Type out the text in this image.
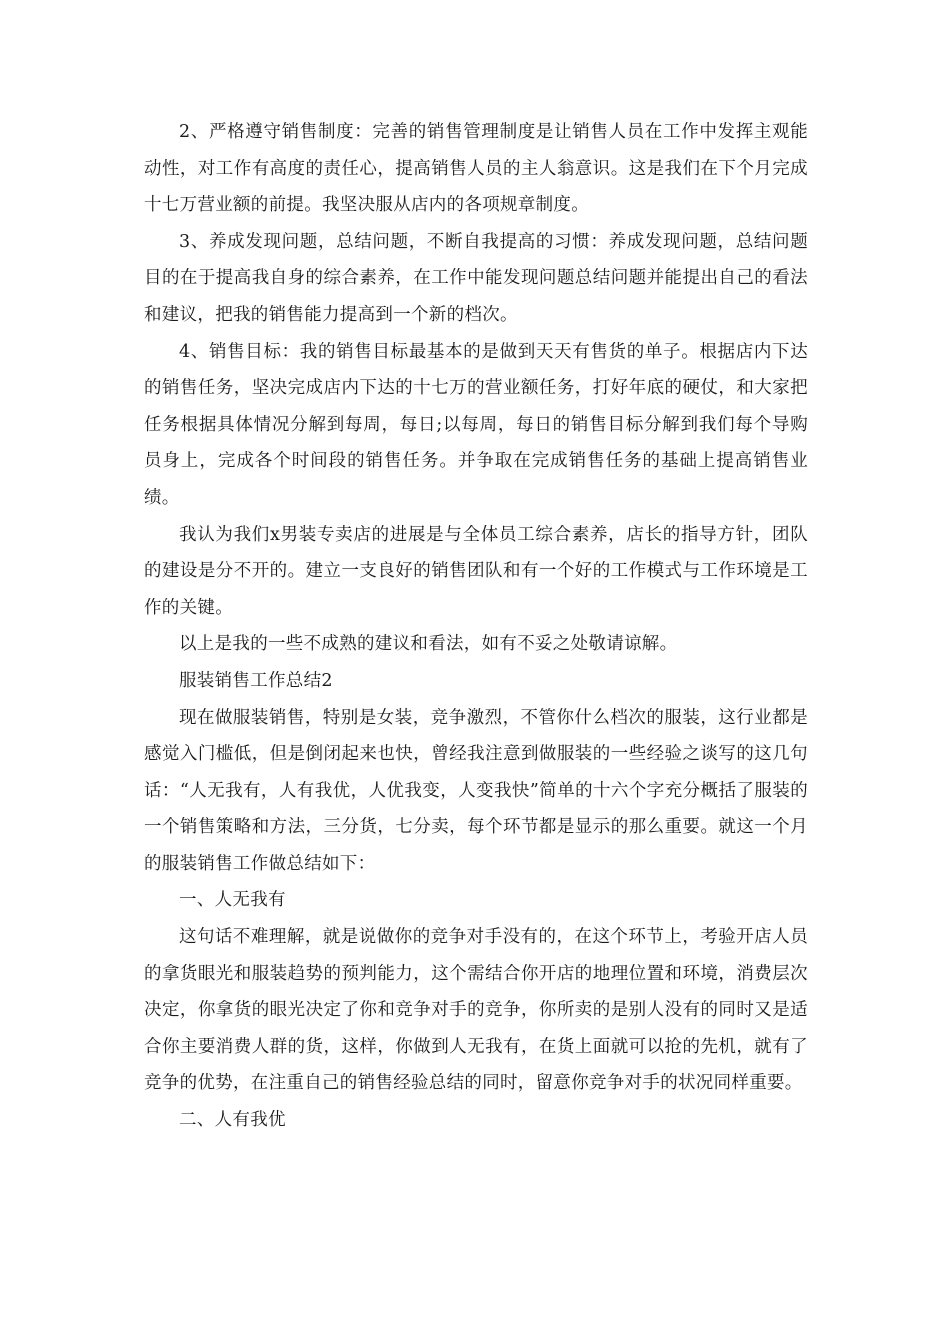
2、严格遵守销售制度：完善的销售管理制度是让销售人员在工作中发挥主观能动性，对工作有高度的责任心，提高销售人员的主人翁意识。这是我们在下个月完成十七万营业额的前提。我坚决服从店内的各项规章制度。

3、养成发现问题，总结问题，不断自我提高的习惯：养成发现问题，总结问题目的在于提高我自身的综合素养，在工作中能发现问题总结问题并能提出自己的看法和建议，把我的销售能力提高到一个新的档次。

4、销售目标：我的销售目标最基本的是做到天天有售货的单子。根据店内下达的销售任务，坚决完成店内下达的十七万的营业额任务，打好年底的硬仗，和大家把任务根据具体情况分解到每周，每日;以每周，每日的销售目标分解到我们每个导购员身上，完成各个时间段的销售任务。并争取在完成销售任务的基础上提高销售业绩。

我认为我们x男装专卖店的进展是与全体员工综合素养，店长的指导方针，团队的建设是分不开的。建立一支良好的销售团队和有一个好的工作模式与工作环境是工作的关键。

以上是我的一些不成熟的建议和看法，如有不妥之处敬请谅解。

服装销售工作总结2

现在做服装销售，特别是女装，竞争激烈，不管你什么档次的服装，这行业都是感觉入门槛低，但是倒闭起来也快，曾经我注意到做服装的一些经验之谈写的这几句话：“人无我有，人有我优，人优我变，人变我快”简单的十六个字充分概括了服装的一个销售策略和方法，三分货，七分卖，每个环节都是显示的那么重要。就这一个月的服装销售工作做总结如下：

一、人无我有

这句话不难理解，就是说做你的竞争对手没有的，在这个环节上，考验开店人员的拿货眼光和服装趋势的预判能力，这个需结合你开店的地理位置和环境，消费层次决定，你拿货的眼光决定了你和竞争对手的竞争，你所卖的是别人没有的同时又是适合你主要消费人群的货，这样，你做到人无我有，在货上面就可以抢的先机，就有了竞争的优势，在注重自己的销售经验总结的同时，留意你竞争对手的状况同样重要。

二、人有我优
